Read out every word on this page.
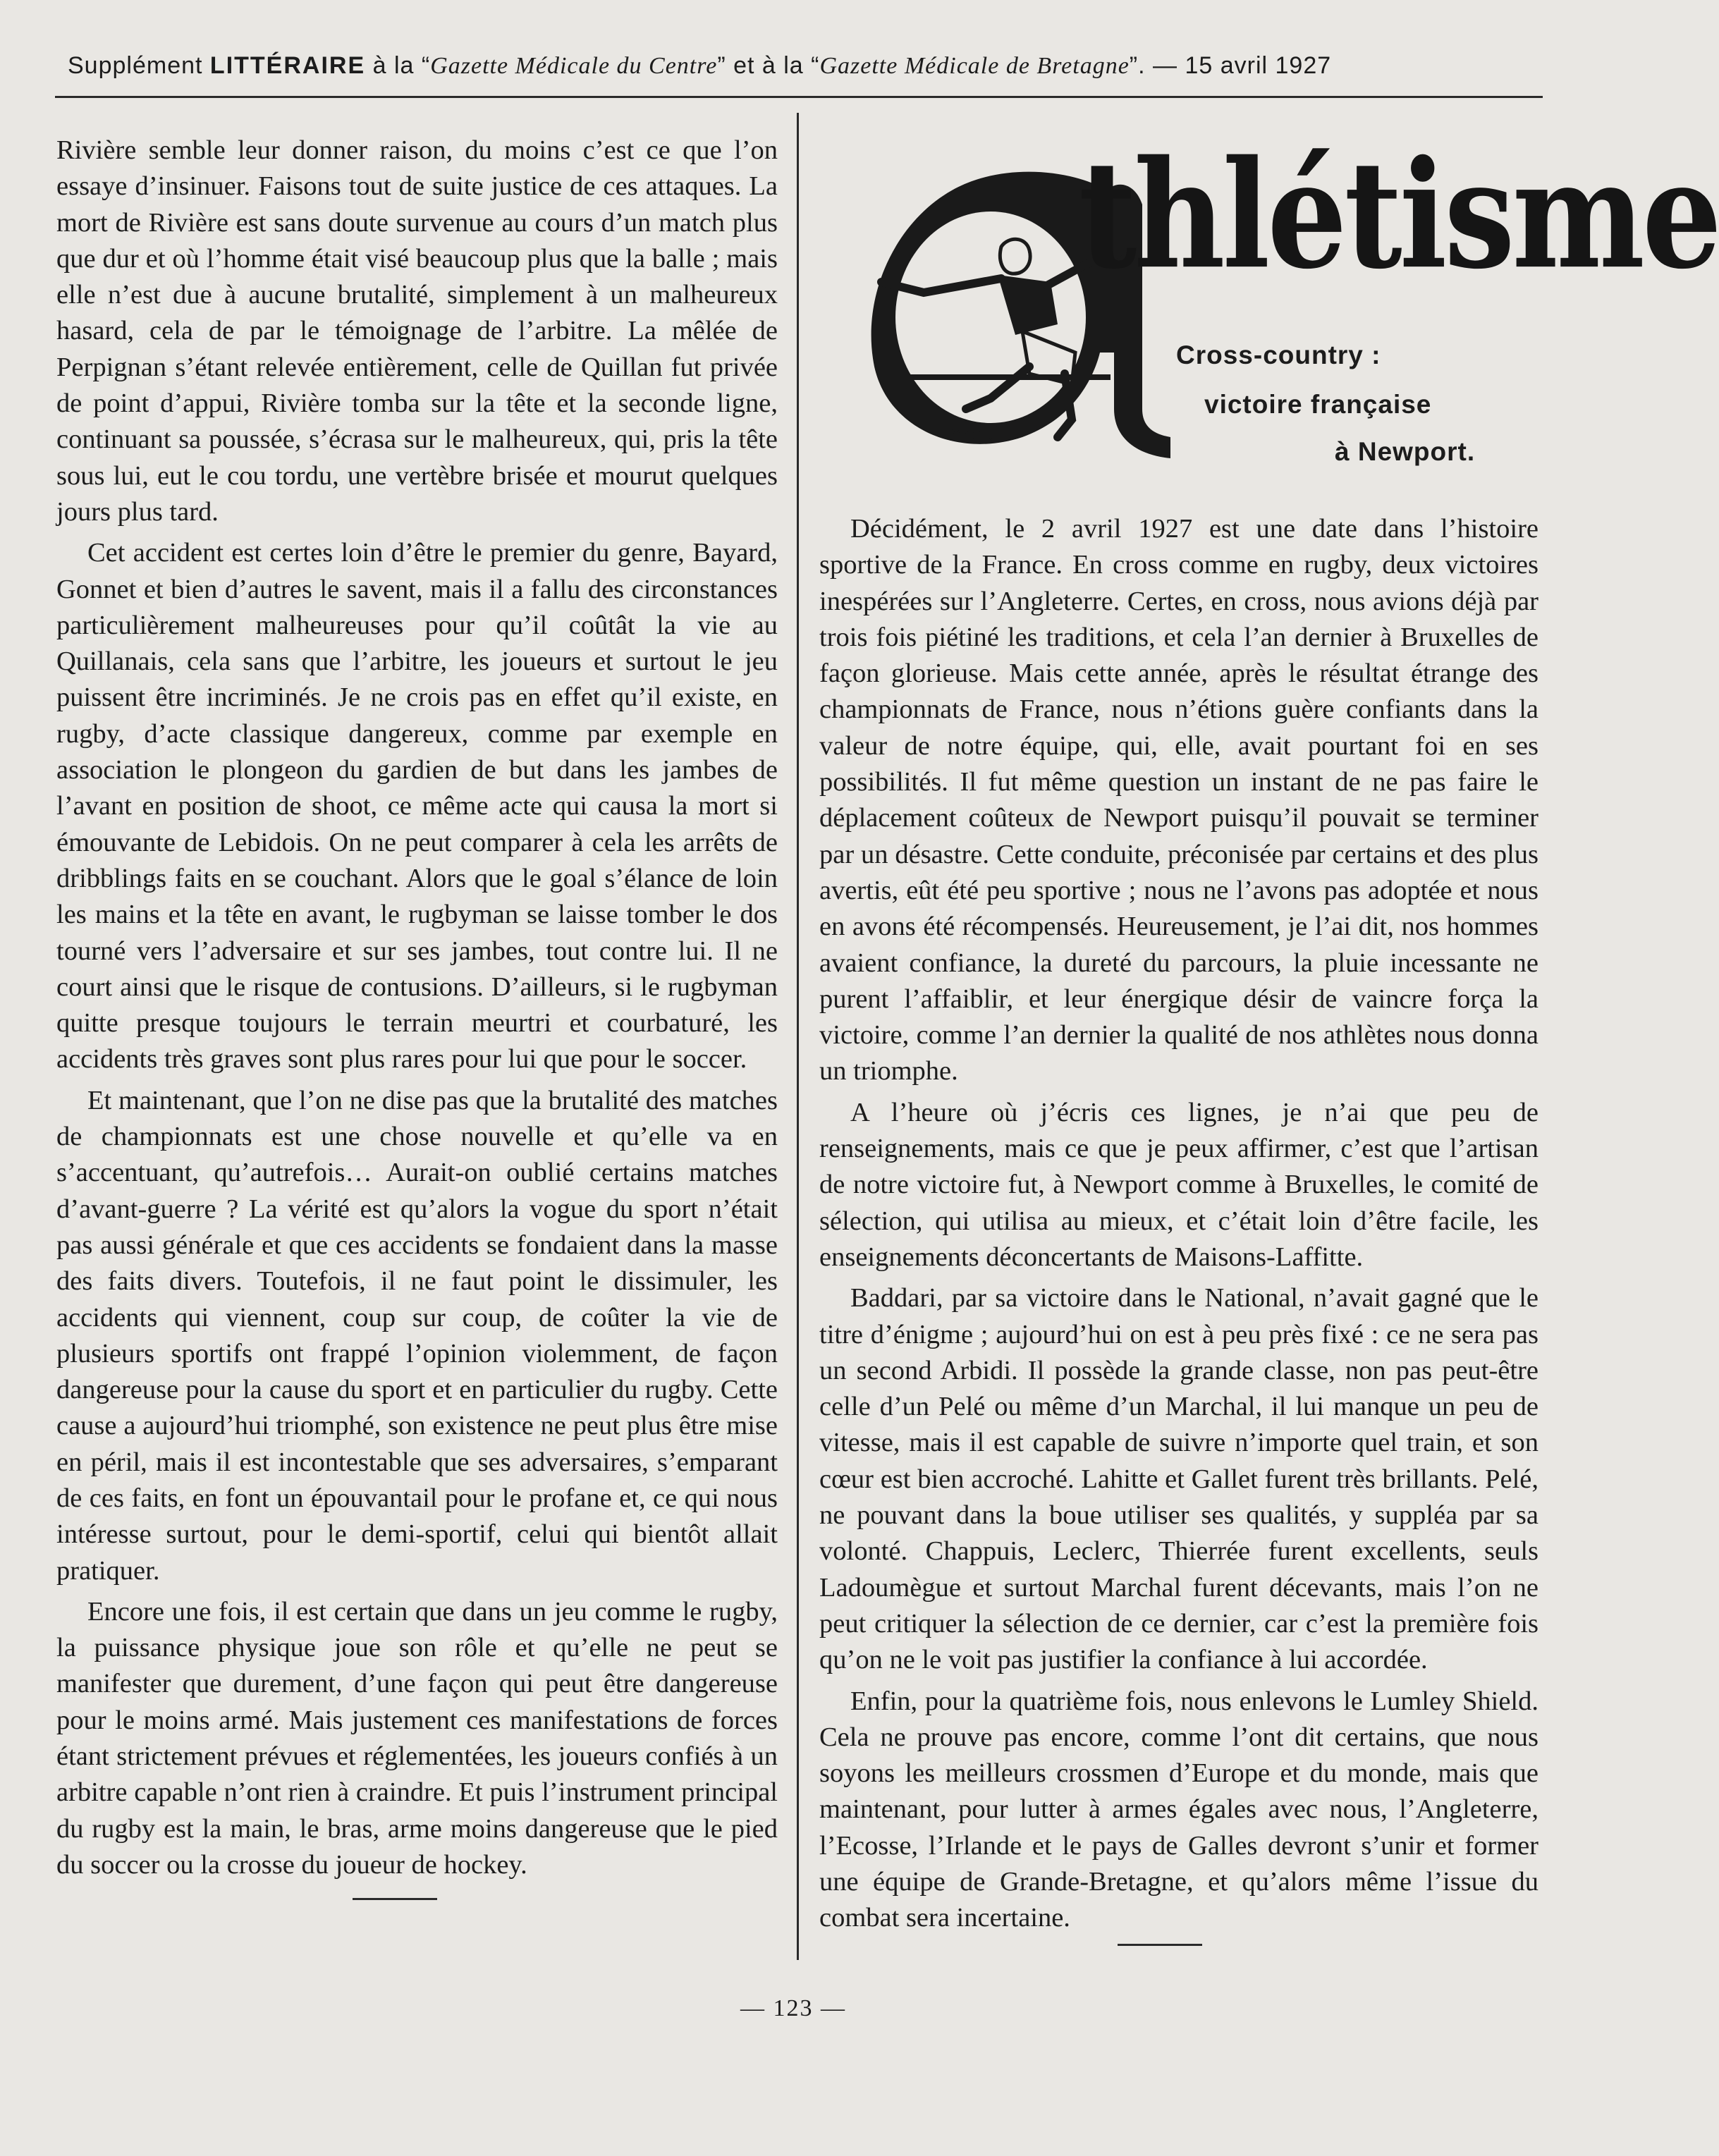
Supplément LITTÉRAIRE à la “Gazette Médicale du Centre” et à la “Gazette Médicale de Bretagne”. — 15 avril 1927

Rivière semble leur donner raison, du moins c’est ce que l’on essaye d’insinuer. Faisons tout de suite justice de ces attaques. La mort de Rivière est sans doute survenue au cours d’un match plus que dur et où l’homme était visé beaucoup plus que la balle ; mais elle n’est due à aucune brutalité, simplement à un malheureux hasard, cela de par le témoignage de l’arbitre. La mêlée de Perpignan s’étant relevée entièrement, celle de Quillan fut privée de point d’appui, Rivière tomba sur la tête et la seconde ligne, continuant sa poussée, s’écrasa sur le malheureux, qui, pris la tête sous lui, eut le cou tordu, une vertèbre brisée et mourut quelques jours plus tard.

Cet accident est certes loin d’être le premier du genre, Bayard, Gonnet et bien d’autres le savent, mais il a fallu des circonstances particulièrement malheureuses pour qu’il coûtât la vie au Quillanais, cela sans que l’arbitre, les joueurs et surtout le jeu puissent être incriminés. Je ne crois pas en effet qu’il existe, en rugby, d’acte classique dangereux, comme par exemple en association le plongeon du gardien de but dans les jambes de l’avant en position de shoot, ce même acte qui causa la mort si émouvante de Lebidois. On ne peut comparer à cela les arrêts de dribblings faits en se couchant. Alors que le goal s’élance de loin les mains et la tête en avant, le rugbyman se laisse tomber le dos tourné vers l’adversaire et sur ses jambes, tout contre lui. Il ne court ainsi que le risque de contusions. D’ailleurs, si le rugbyman quitte presque toujours le terrain meurtri et courbaturé, les accidents très graves sont plus rares pour lui que pour le soccer.

Et maintenant, que l’on ne dise pas que la brutalité des matches de championnats est une chose nouvelle et qu’elle va en s’accentuant, qu’autrefois… Aurait-on oublié certains matches d’avant-guerre ? La vérité est qu’alors la vogue du sport n’était pas aussi générale et que ces accidents se fondaient dans la masse des faits divers. Toutefois, il ne faut point le dissimuler, les accidents qui viennent, coup sur coup, de coûter la vie de plusieurs sportifs ont frappé l’opinion violemment, de façon dangereuse pour la cause du sport et en particulier du rugby. Cette cause a aujourd’hui triomphé, son existence ne peut plus être mise en péril, mais il est incontestable que ses adversaires, s’emparant de ces faits, en font un épouvantail pour le profane et, ce qui nous intéresse surtout, pour le demi-sportif, celui qui bientôt allait pratiquer.

Encore une fois, il est certain que dans un jeu comme le rugby, la puissance physique joue son rôle et qu’elle ne peut se manifester que durement, d’une façon qui peut être dangereuse pour le moins armé. Mais justement ces manifestations de forces étant strictement prévues et réglementées, les joueurs confiés à un arbitre capable n’ont rien à craindre. Et puis l’instrument principal du rugby est la main, le bras, arme moins dangereuse que le pied du soccer ou la crosse du joueur de hockey.

Morlé
thlétisme
Cross-country :
victoire française
à Newport.

Décidément, le 2 avril 1927 est une date dans l’histoire sportive de la France. En cross comme en rugby, deux victoires inespérées sur l’Angleterre. Certes, en cross, nous avions déjà par trois fois piétiné les traditions, et cela l’an dernier à Bruxelles de façon glorieuse. Mais cette année, après le résultat étrange des championnats de France, nous n’étions guère confiants dans la valeur de notre équipe, qui, elle, avait pourtant foi en ses possibilités. Il fut même question un instant de ne pas faire le déplacement coûteux de Newport puisqu’il pouvait se terminer par un désastre. Cette conduite, préconisée par certains et des plus avertis, eût été peu sportive ; nous ne l’avons pas adoptée et nous en avons été récompensés. Heureusement, je l’ai dit, nos hommes avaient confiance, la dureté du parcours, la pluie incessante ne purent l’affaiblir, et leur énergique désir de vaincre força la victoire, comme l’an dernier la qualité de nos athlètes nous donna un triomphe.

A l’heure où j’écris ces lignes, je n’ai que peu de renseignements, mais ce que je peux affirmer, c’est que l’artisan de notre victoire fut, à Newport comme à Bruxelles, le comité de sélection, qui utilisa au mieux, et c’était loin d’être facile, les enseignements déconcertants de Maisons-Laffitte.

Baddari, par sa victoire dans le National, n’avait gagné que le titre d’énigme ; aujourd’hui on est à peu près fixé : ce ne sera pas un second Arbidi. Il possède la grande classe, non pas peut-être celle d’un Pelé ou même d’un Marchal, il lui manque un peu de vitesse, mais il est capable de suivre n’importe quel train, et son cœur est bien accroché. Lahitte et Gallet furent très brillants. Pelé, ne pouvant dans la boue utiliser ses qualités, y suppléa par sa volonté. Chappuis, Leclerc, Thierrée furent excellents, seuls Ladoumègue et surtout Marchal furent décevants, mais l’on ne peut critiquer la sélection de ce dernier, car c’est la première fois qu’on ne le voit pas justifier la confiance à lui accordée.

Enfin, pour la quatrième fois, nous enlevons le Lumley Shield. Cela ne prouve pas encore, comme l’ont dit certains, que nous soyons les meilleurs crossmen d’Europe et du monde, mais que maintenant, pour lutter à armes égales avec nous, l’Angleterre, l’Ecosse, l’Irlande et le pays de Galles devront s’unir et former une équipe de Grande-Bretagne, et qu’alors même l’issue du combat sera incertaine.

— 123 —
